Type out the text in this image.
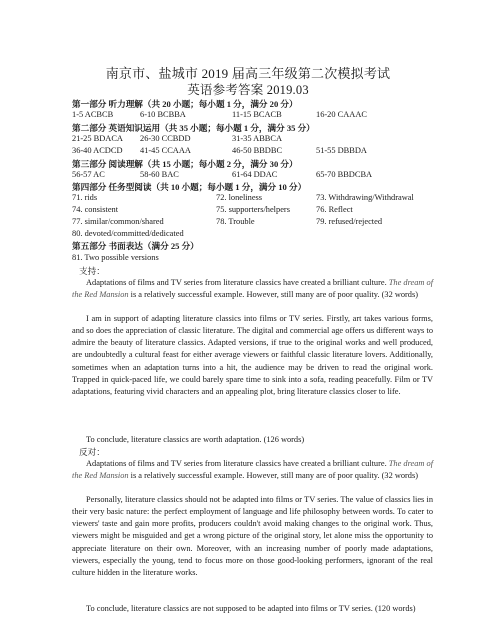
南京市、盐城市 2019 届高三年级第二次模拟考试
英语参考答案 2019.03
第一部分 听力理解（共 20 小题；每小题 1 分，满分 20 分）
1-5 ACBCB	6-10 BCBBA	11-15 BCACB	16-20 CAAAC
第二部分 英语知识运用（共 35 小题；每小题 1 分，满分 35 分）
21-25 BDACA 26-30 CCBDD	31-35 ABBCA
36-40 ACDCD 41-45 CCAAA	46-50 BBDBC	51-55 DBBDA
第三部分 阅读理解（共 15 小题；每小题 2 分，满分 30 分）
56-57 AC	58-60 BAC	61-64 DDAC	65-70 BBDCBA
第四部分 任务型阅读（共 10 小题；每小题 1 分，满分 10 分）
71. rids	72. loneliness	73. Withdrawing/Withdrawal
74. consistent	75. supporters/helpers	76. Reflect
77. similar/common/shared	78. Trouble	79. refused/rejected
80. devoted/committed/dedicated
第五部分 书面表达（满分 25 分）
81. Two possible versions
支持：

Adaptations of films and TV series from literature classics have created a brilliant culture. The dream of the Red Mansion is a relatively successful example. However, still many are of poor quality. (32 words)

I am in support of adapting literature classics into films or TV series. Firstly, art takes various forms, and so does the appreciation of classic literature. The digital and commercial age offers us different ways to admire the beauty of literature classics. Adapted versions, if true to the original works and well produced, are undoubtedly a cultural feast for either average viewers or faithful classic literature lovers. Additionally, sometimes when an adaptation turns into a hit, the audience may be driven to read the original work. Trapped in quick-paced life, we could barely spare time to sink into a sofa, reading peacefully. Film or TV adaptations, featuring vivid characters and an appealing plot, bring literature classics closer to life.

To conclude, literature classics are worth adaptation. (126 words)

反对：

Adaptations of films and TV series from literature classics have created a brilliant culture. The dream of the Red Mansion is a relatively successful example. However, still many are of poor quality. (32 words)

Personally, literature classics should not be adapted into films or TV series. The value of classics lies in their very basic nature: the perfect employment of language and life philosophy between words. To cater to viewers' taste and gain more profits, producers couldn't avoid making changes to the original work. Thus, viewers might be misguided and get a wrong picture of the original story, let alone miss the opportunity to appreciate literature on their own. Moreover, with an increasing number of poorly made adaptations, viewers, especially the young, tend to focus more on those good-looking performers, ignorant of the real culture hidden in the literature works.

To conclude, literature classics are not supposed to be adapted into films or TV series. (120 words)
